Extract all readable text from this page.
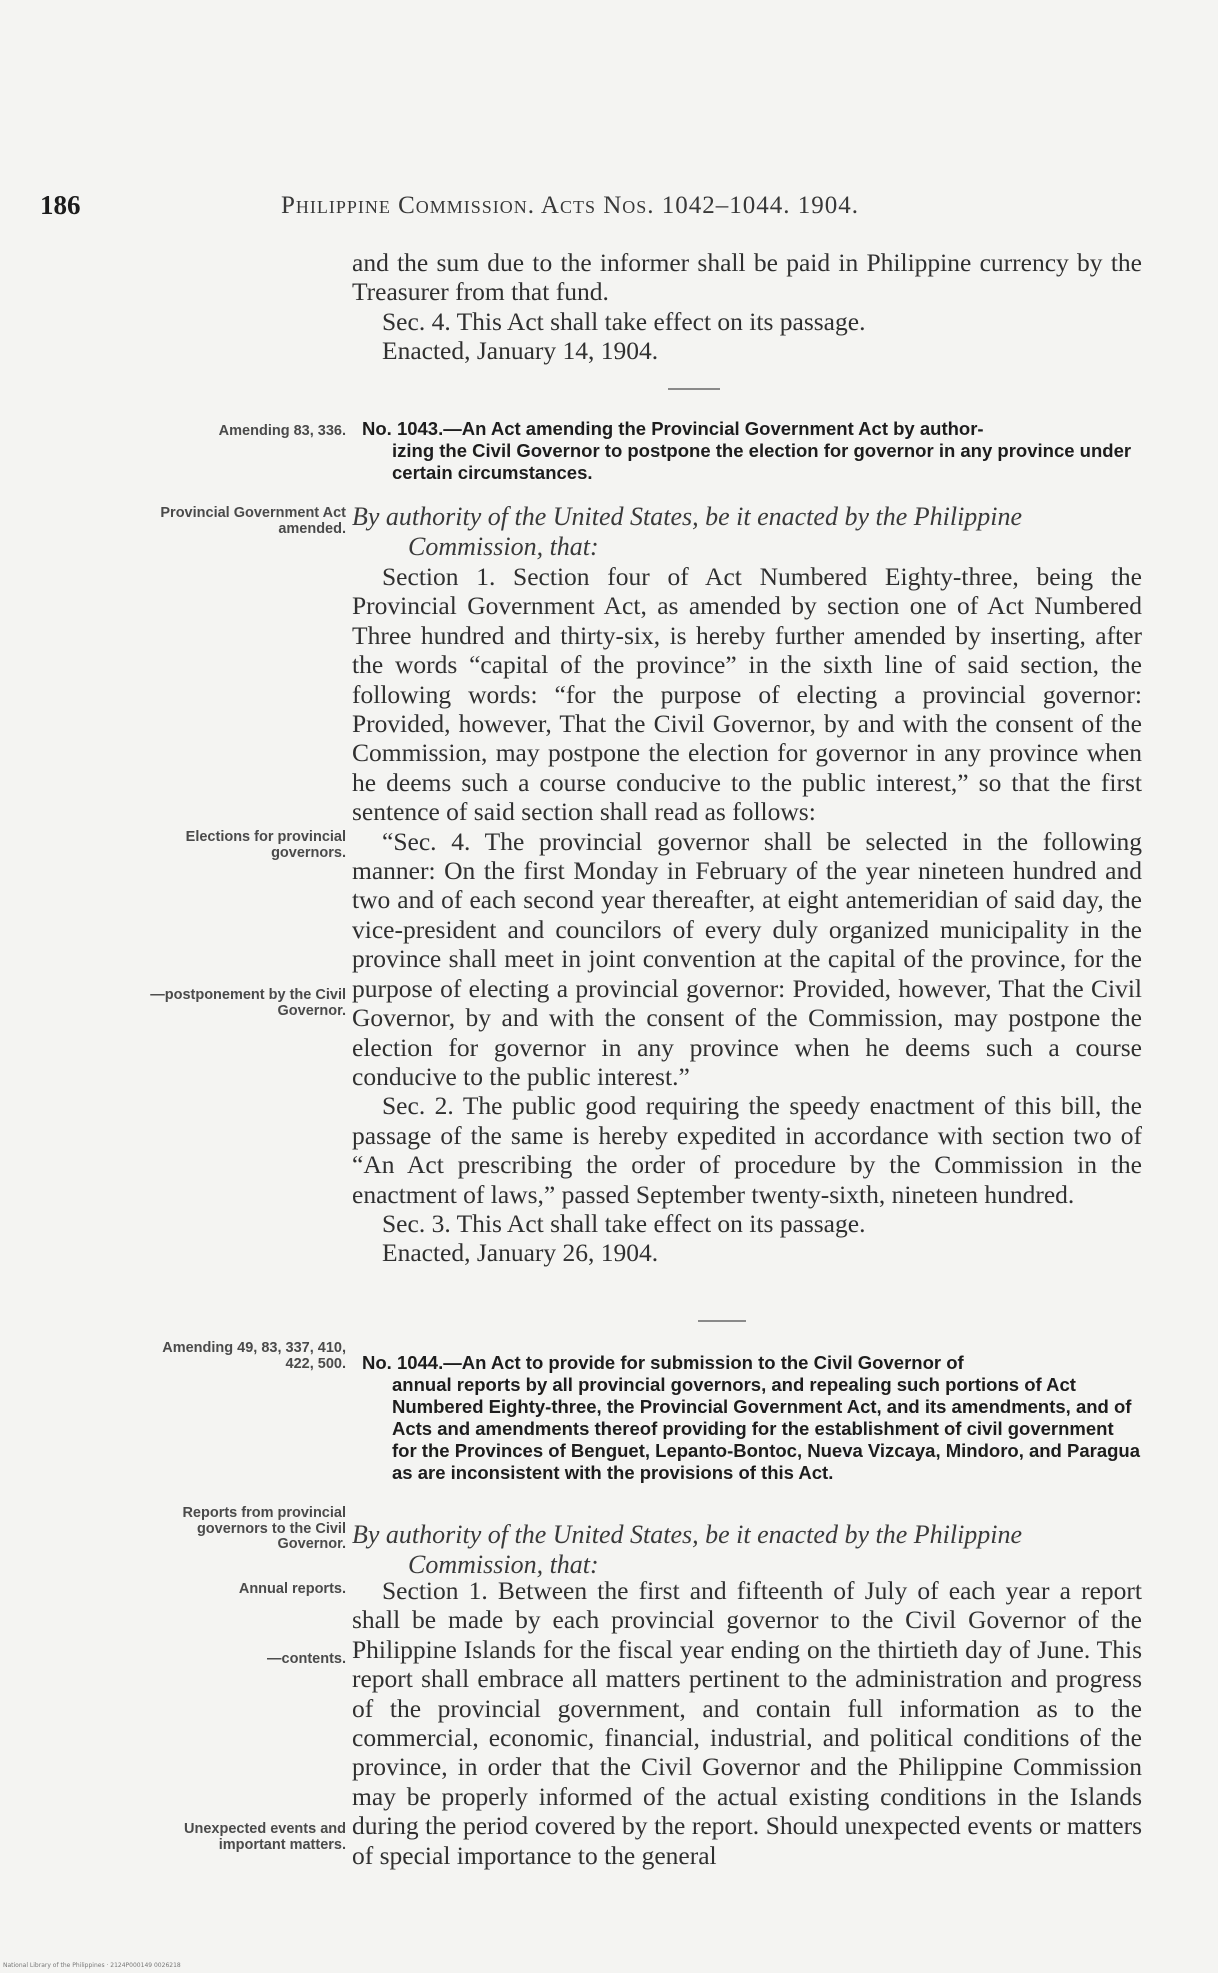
186	Philippine Commission. Acts Nos. 1042–1044. 1904.

and the sum due to the informer shall be paid in Philippine currency by the Treasurer from that fund.

Sec. 4. This Act shall take effect on its passage.

Enacted, January 14, 1904.

Amending 83, 336. No. 1043.—An Act amending the Provincial Government Act by author-
izing the Civil Governor to postpone the election for governor in any province under certain circumstances.
Provincial Government Act amended. By authority of the United States, be it enacted by the Philippine
Commission, that:

Section 1. Section four of Act Numbered Eighty-three, being the Provincial Government Act, as amended by section one of Act Numbered Three hundred and thirty-six, is hereby further amended by inserting, after the words “capital of the province” in the sixth line of said section, the following words: “for the purpose of electing a provincial governor: Provided, however, That the Civil Governor, by and with the consent of the Commission, may postpone the election for governor in any province when he deems such a course conducive to the public interest,” so that the first sentence of said section shall read as follows:

“Sec. 4. The provincial governor shall be selected in the following manner: On the first Monday in February of the year nineteen hundred and two and of each second year thereafter, at eight antemeridian of said day, the vice-president and councilors of every duly organized municipality in the province shall meet in joint convention at the capital of the province, for the purpose of electing a provincial governor: Provided, however, That the Civil Governor, by and with the consent of the Commission, may postpone the election for governor in any province when he deems such a course conducive to the public interest.”

Sec. 2. The public good requiring the speedy enactment of this bill, the passage of the same is hereby expedited in accordance with section two of “An Act prescribing the order of procedure by the Commission in the enactment of laws,” passed September twenty-sixth, nineteen hundred.

Sec. 3. This Act shall take effect on its passage.

Enacted, January 26, 1904.

Elections for provincial governors.
—postponement by the Civil Governor.
Amending 49, 83, 337, 410, 422, 500. No. 1044.—An Act to provide for submission to the Civil Governor of
annual reports by all provincial governors, and repealing such portions of Act Numbered Eighty-three, the Provincial Government Act, and its amendments, and of Acts and amendments thereof providing for the establishment of civil government for the Provinces of Benguet, Lepanto-Bontoc, Nueva Vizcaya, Mindoro, and Paragua as are inconsistent with the provisions of this Act.
Reports from provincial governors to the Civil Governor. By authority of the United States, be it enacted by the Philippine
Commission, that:
Annual reports.
—contents.
Unexpected events and important matters.

Section 1. Between the first and fifteenth of July of each year a report shall be made by each provincial governor to the Civil Governor of the Philippine Islands for the fiscal year ending on the thirtieth day of June. This report shall embrace all matters pertinent to the administration and progress of the provincial government, and contain full information as to the commercial, economic, financial, industrial, and political conditions of the province, in order that the Civil Governor and the Philippine Commission may be properly informed of the actual existing conditions in the Islands during the period covered by the report. Should unexpected events or matters of special importance to the general

National Library of the Philippines · 2124P000149 0026218
